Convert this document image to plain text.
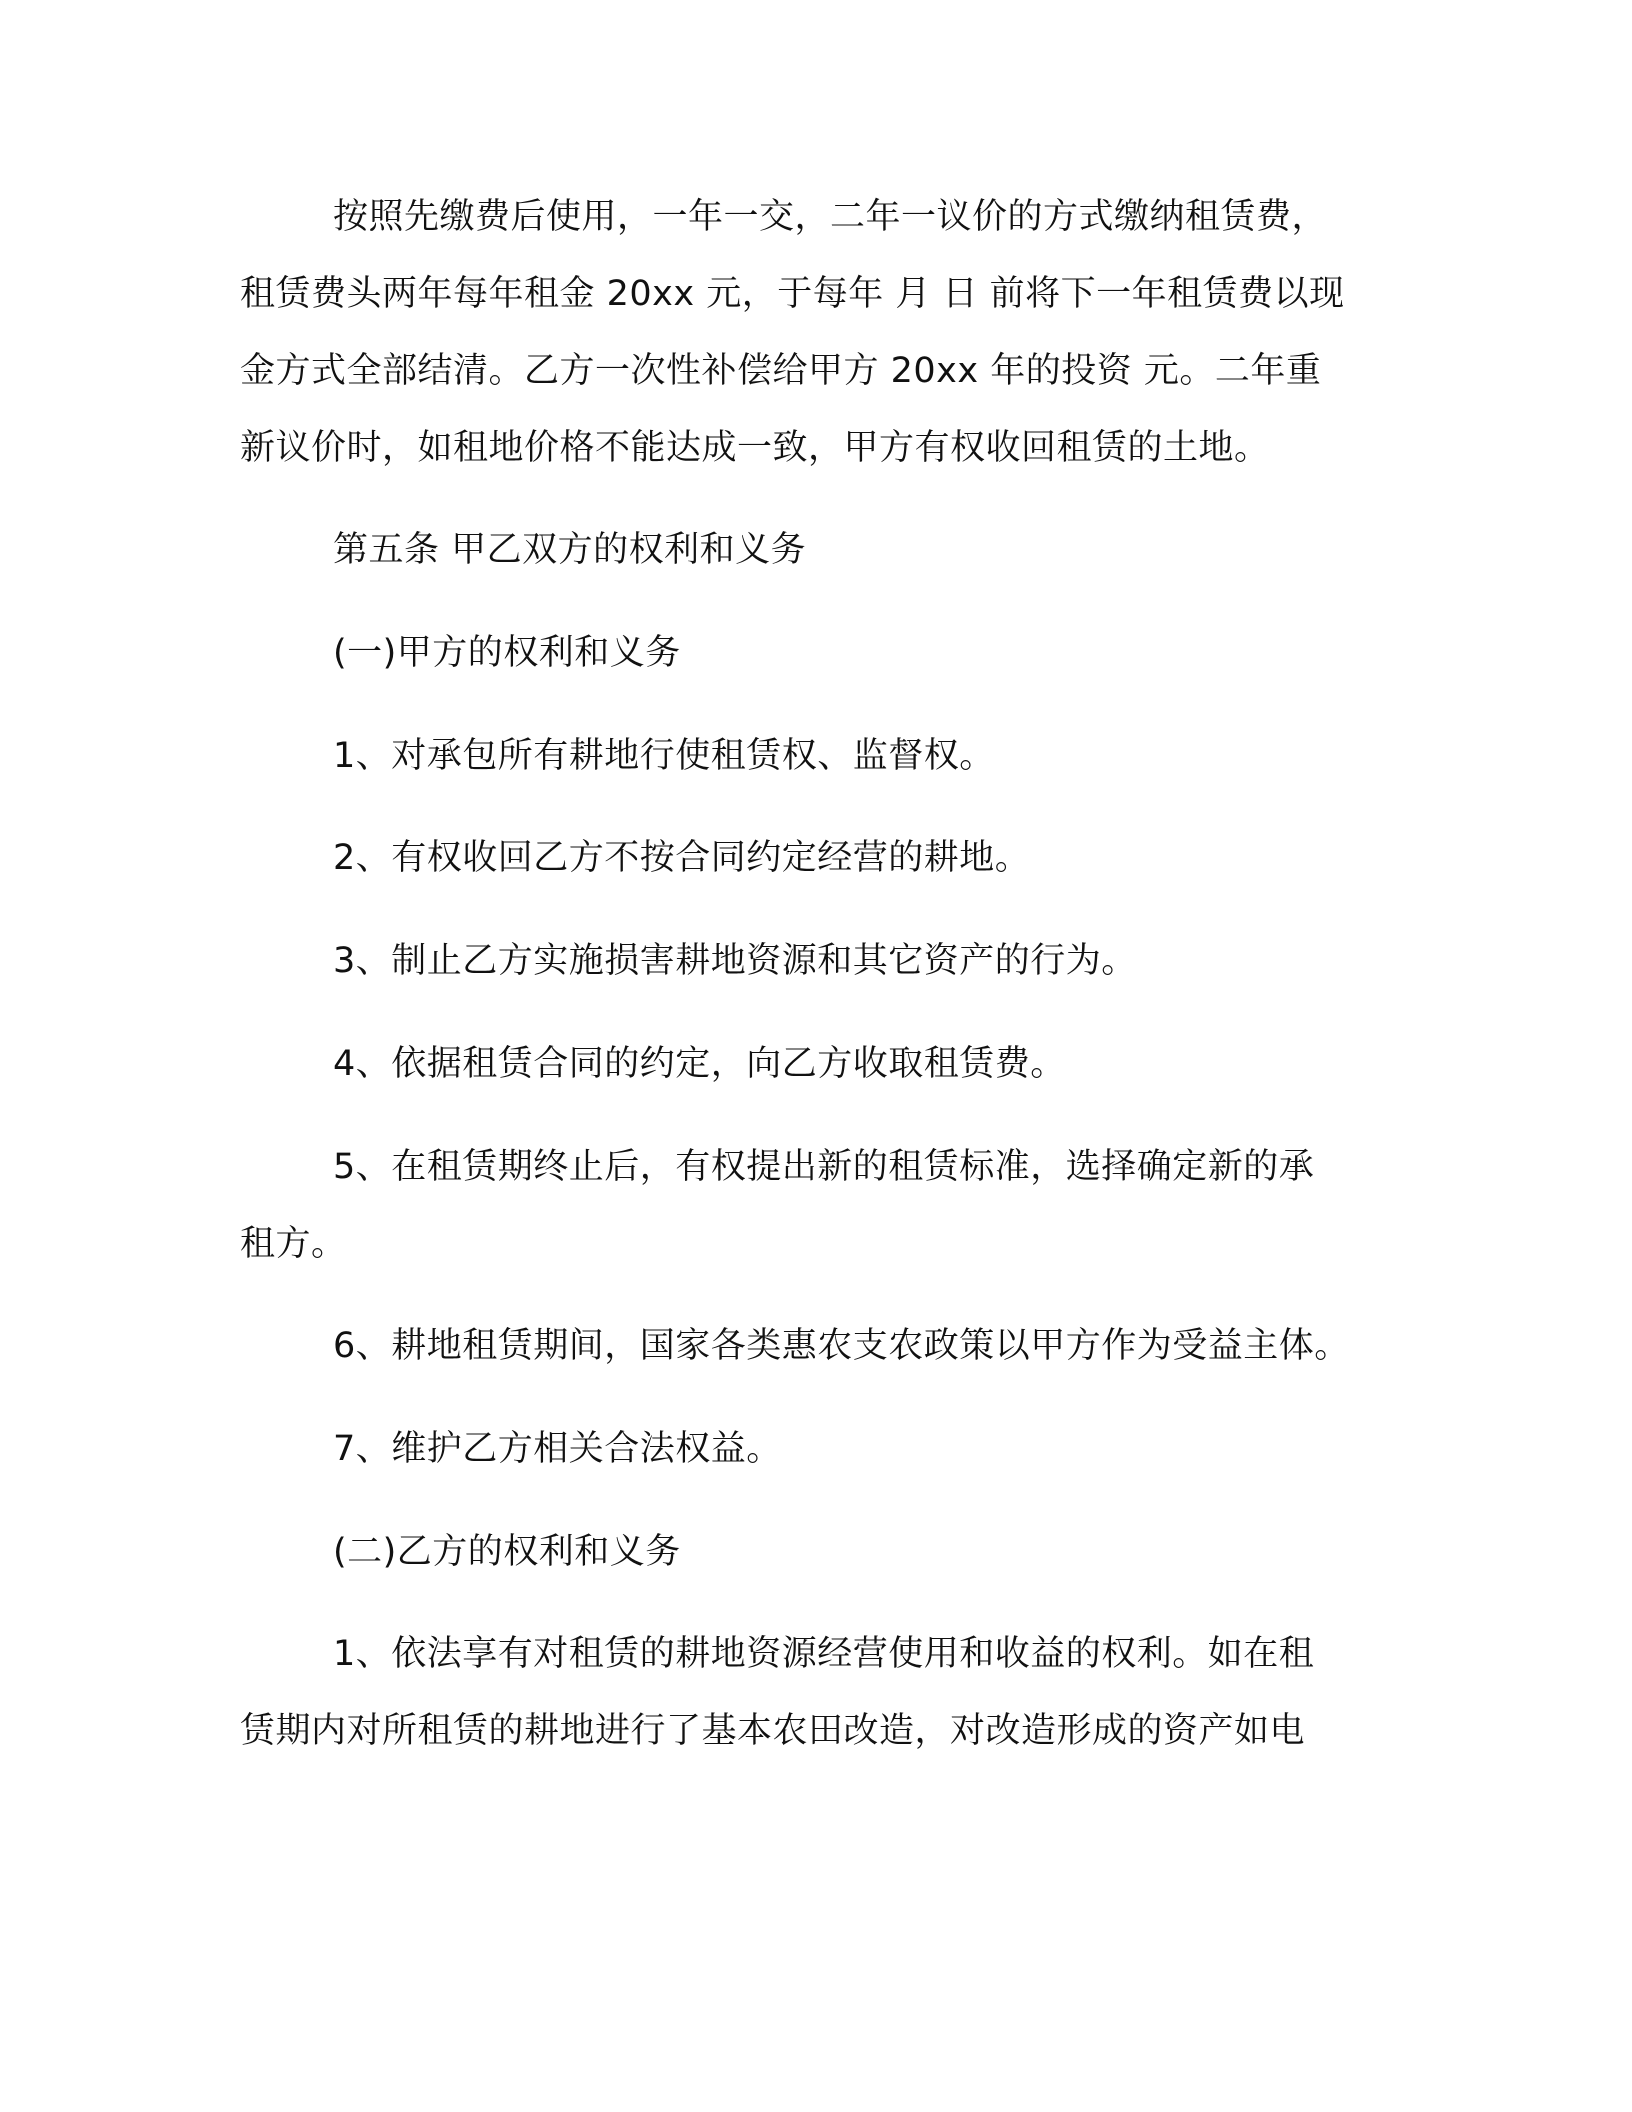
按照先缴费后使用，一年一交，二年一议价的方式缴纳租赁费，
租赁费头两年每年租金 20xx 元，于每年 月 日 前将下一年租赁费以现
金方式全部结清。乙方一次性补偿给甲方 20xx 年的投资 元。二年重
新议价时，如租地价格不能达成一致，甲方有权收回租赁的土地。
第五条 甲乙双方的权利和义务
(一)甲方的权利和义务
1、对承包所有耕地行使租赁权、监督权。
2、有权收回乙方不按合同约定经营的耕地。
3、制止乙方实施损害耕地资源和其它资产的行为。
4、依据租赁合同的约定，向乙方收取租赁费。
5、在租赁期终止后，有权提出新的租赁标准，选择确定新的承
租方。
6、耕地租赁期间，国家各类惠农支农政策以甲方作为受益主体。
7、维护乙方相关合法权益。
(二)乙方的权利和义务
1、依法享有对租赁的耕地资源经营使用和收益的权利。如在租
赁期内对所租赁的耕地进行了基本农田改造，对改造形成的资产如电
